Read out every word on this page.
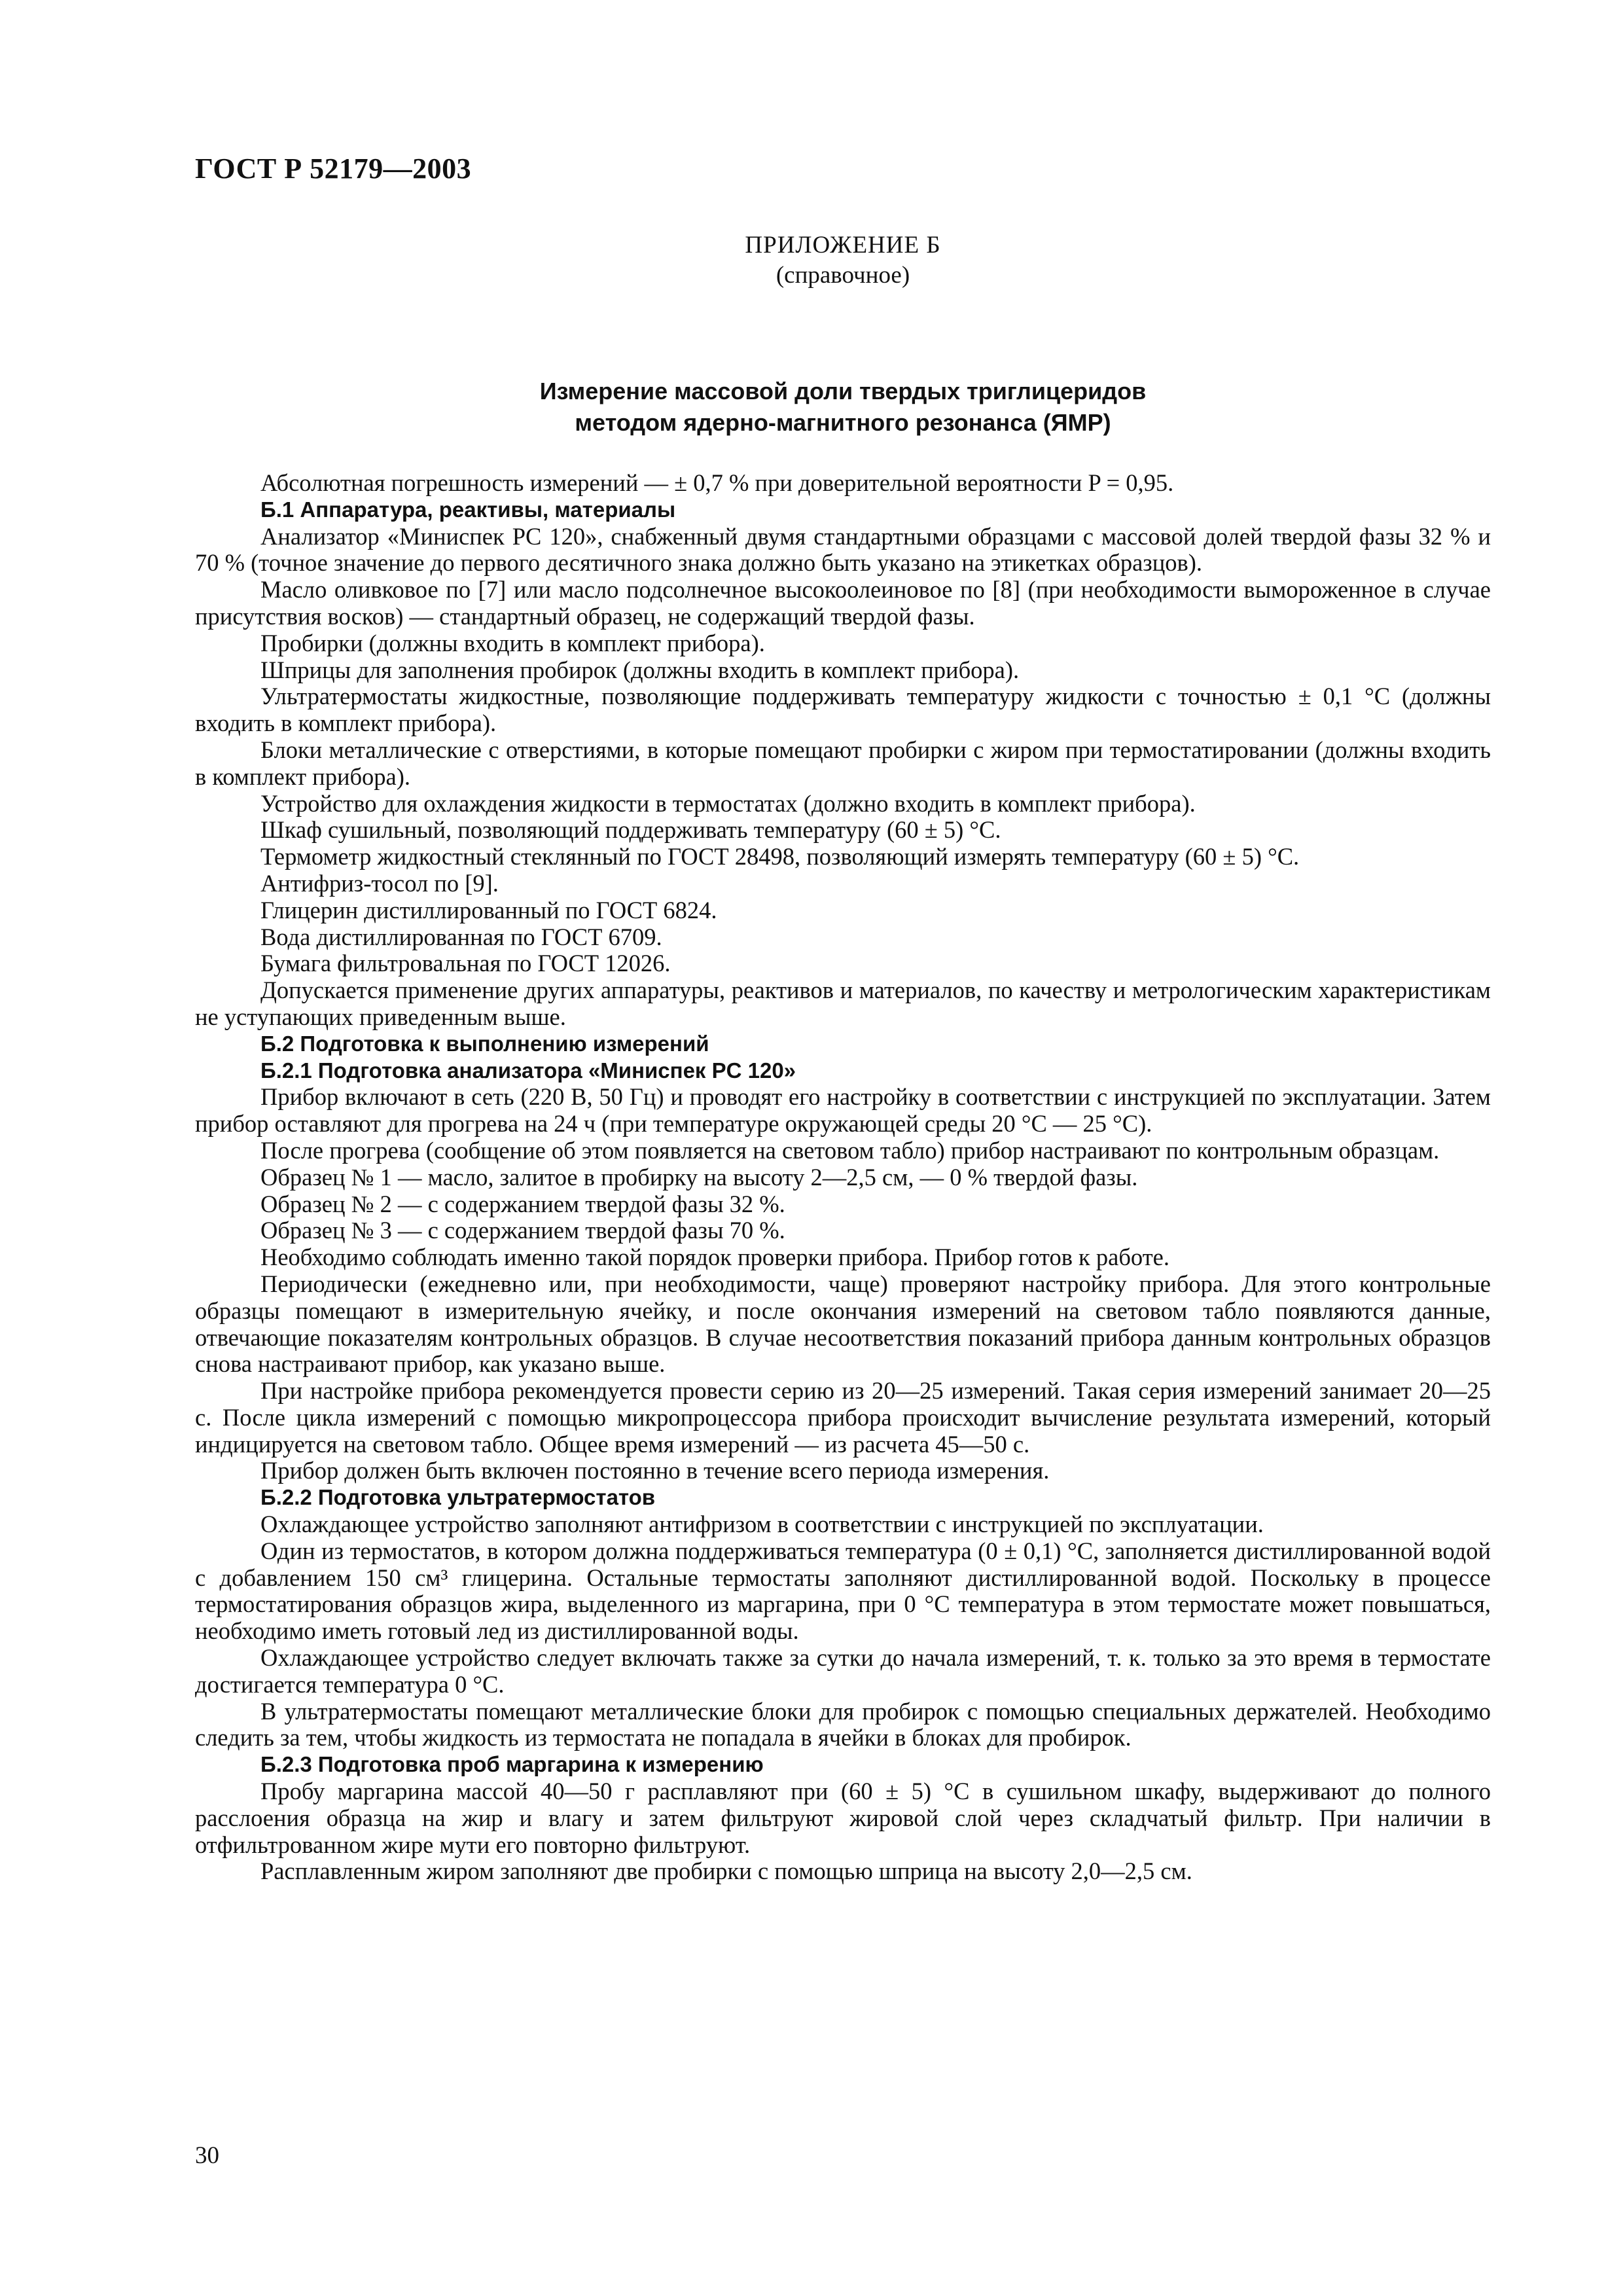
ГОСТ Р 52179—2003
ПРИЛОЖЕНИЕ Б
(справочное)
Измерение массовой доли твердых триглицеридов
методом ядерно-магнитного резонанса (ЯМР)

Абсолютная погрешность измерений — ± 0,7 % при доверительной вероятности P = 0,95.

Б.1 Аппаратура, реактивы, материалы

Анализатор «Миниспек PC 120», снабженный двумя стандартными образцами с массовой долей твердой фазы 32 % и 70 % (точное значение до первого десятичного знака должно быть указано на этикетках образцов).

Масло оливковое по [7] или масло подсолнечное высокоолеиновое по [8] (при необходимости вымороженное в случае присутствия восков) — стандартный образец, не содержащий твердой фазы.

Пробирки (должны входить в комплект прибора).

Шприцы для заполнения пробирок (должны входить в комплект прибора).

Ультратермостаты жидкостные, позволяющие поддерживать температуру жидкости с точностью ± 0,1 °С (должны входить в комплект прибора).

Блоки металлические с отверстиями, в которые помещают пробирки с жиром при термостатировании (должны входить в комплект прибора).

Устройство для охлаждения жидкости в термостатах (должно входить в комплект прибора).

Шкаф сушильный, позволяющий поддерживать температуру (60 ± 5) °С.

Термометр жидкостный стеклянный по ГОСТ 28498, позволяющий измерять температуру (60 ± 5) °С.

Антифриз-тосол по [9].

Глицерин дистиллированный по ГОСТ 6824.

Вода дистиллированная по ГОСТ 6709.

Бумага фильтровальная по ГОСТ 12026.

Допускается применение других аппаратуры, реактивов и материалов, по качеству и метрологическим характеристикам не уступающих приведенным выше.

Б.2 Подготовка к выполнению измерений
Б.2.1 Подготовка анализатора «Миниспек PC 120»

Прибор включают в сеть (220 В, 50 Гц) и проводят его настройку в соответствии с инструкцией по эксплуатации. Затем прибор оставляют для прогрева на 24 ч (при температуре окружающей среды 20 °С — 25 °С).

После прогрева (сообщение об этом появляется на световом табло) прибор настраивают по контрольным образцам.

Образец № 1 — масло, залитое в пробирку на высоту 2—2,5 см, — 0 % твердой фазы.

Образец № 2 — с содержанием твердой фазы 32 %.

Образец № 3 — с содержанием твердой фазы 70 %.

Необходимо соблюдать именно такой порядок проверки прибора. Прибор готов к работе.

Периодически (ежедневно или, при необходимости, чаще) проверяют настройку прибора. Для этого контрольные образцы помещают в измерительную ячейку, и после окончания измерений на световом табло появляются данные, отвечающие показателям контрольных образцов. В случае несоответствия показаний прибора данным контрольных образцов снова настраивают прибор, как указано выше.

При настройке прибора рекомендуется провести серию из 20—25 измерений. Такая серия измерений занимает 20—25 с. После цикла измерений с помощью микропроцессора прибора происходит вычисление результата измерений, который индицируется на световом табло. Общее время измерений — из расчета 45—50 с.

Прибор должен быть включен постоянно в течение всего периода измерения.

Б.2.2 Подготовка ультратермостатов

Охлаждающее устройство заполняют антифризом в соответствии с инструкцией по эксплуатации.

Один из термостатов, в котором должна поддерживаться температура (0 ± 0,1) °С, заполняется дистиллированной водой с добавлением 150 см³ глицерина. Остальные термостаты заполняют дистиллированной водой. Поскольку в процессе термостатирования образцов жира, выделенного из маргарина, при 0 °С температура в этом термостате может повышаться, необходимо иметь готовый лед из дистиллированной воды.

Охлаждающее устройство следует включать также за сутки до начала измерений, т. к. только за это время в термостате достигается температура 0 °С.

В ультратермостаты помещают металлические блоки для пробирок с помощью специальных держателей. Необходимо следить за тем, чтобы жидкость из термостата не попадала в ячейки в блоках для пробирок.

Б.2.3 Подготовка проб маргарина к измерению

Пробу маргарина массой 40—50 г расплавляют при (60 ± 5) °С в сушильном шкафу, выдерживают до полного расслоения образца на жир и влагу и затем фильтруют жировой слой через складчатый фильтр. При наличии в отфильтрованном жире мути его повторно фильтруют.

Расплавленным жиром заполняют две пробирки с помощью шприца на высоту 2,0—2,5 см.

30
